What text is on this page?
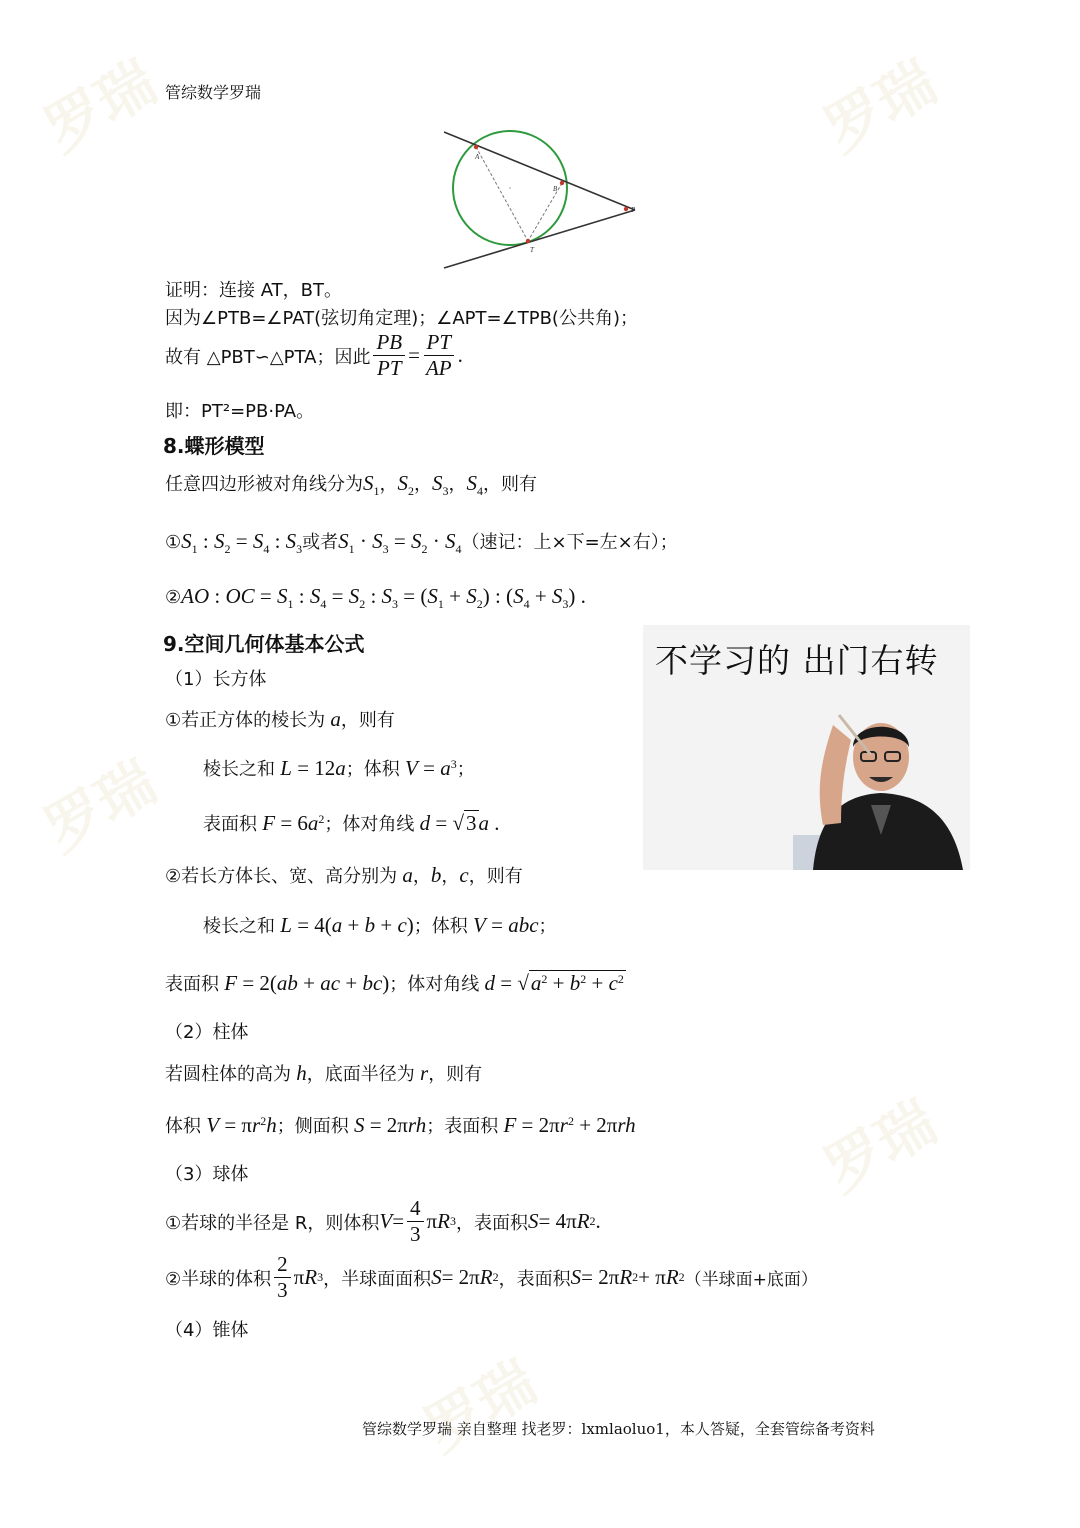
罗瑞	罗瑞
罗瑞
罗瑞
罗瑞
管综数学罗瑞
A
B
P
T
证明：连接 AT，BT。
因为∠PTB=∠PAT(弦切角定理)；∠APT=∠TPB(公共角)；
故有 △PBT∽△PTA；因此 $\frac{PB}{PT} = \frac{PT}{AP}$ .
即：PT²=PB·PA。
8.蝶形模型
任意四边形被对角线分为$S_1$，$S_2$，$S_3$，$S_4$，则有
$①S_1$ : $S_2 = S_4$ : $S_3$或者$S_1 \cdot S_3 = S_2 \cdot S_4$（速记：上×下=左×右）；
②AO : OC = $S_1$ : $S_4 = S_2$ : $S_3 = (S_1 + S_2)$ : $(S_4 + S_3)$ .
9.空间几何体基本公式
（1）长方体
①若正方体的棱长为 a，则有
棱长之和 L = 12a；体积 $V = a^3$；
表面积 $F = 6a^2$；体对角线 d = √3a .
②若长方体长、宽、高分别为 a，b，c，则有
棱长之和 L = 4(a + b + c)；体积 V = abc；
表面积 F = 2(ab + ac + bc)；体对角线 $d = √a^2 + b^2 + c^2$
（2）柱体
若圆柱体的高为 h，底面半径为 r，则有
体积 $V = \pi r^2h$；侧面积 S = 2πrh；表面积 $F = 2\pi r^2 + 2\pi rh$
（3）球体
①若球的半径是 R，则体积 $V = \frac{4}{3}$ π R 3 ，表面积 S = 4π R 2 .
②半球的体积 $\frac{2}{3}$ π R 3 ，半球面面积 S = 2π R 2 ，表面积 S = 2π R 2 + π R 2 （半球面+底面）
（4）锥体
不学习的 出门右转
管综数学罗瑞 亲自整理 找老罗：lxmlaoluo1，本人答疑，全套管综备考资料
